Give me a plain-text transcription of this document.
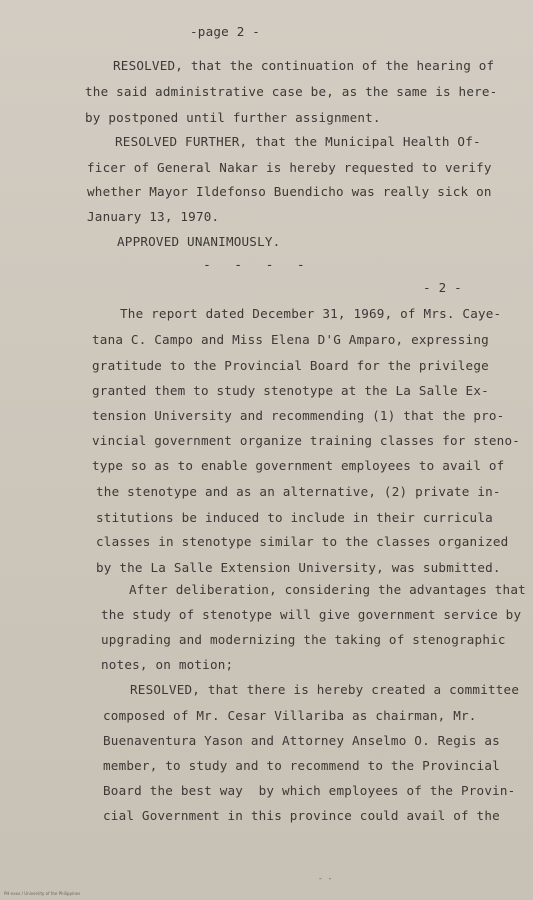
-page 2 -
RESOLVED, that the continuation of the hearing of
the said administrative case be, as the same is here-
by postponed until further assignment.
RESOLVED FURTHER, that the Municipal Health Of-
ficer of General Nakar is hereby requested to verify
whether Mayor Ildefonso Buendicho was really sick on
January 13, 1970.
APPROVED UNANIMOUSLY.
-   -   -   -
- 2 -
The report dated December 31, 1969, of Mrs. Caye-
tana C. Campo and Miss Elena D'G Amparo, expressing
gratitude to the Provincial Board for the privilege
granted them to study stenotype at the La Salle Ex-
tension University and recommending (1) that the pro-
vincial government organize training classes for steno-
type so as to enable government employees to avail of
the stenotype and as an alternative, (2) private in-
stitutions be induced to include in their curricula
classes in stenotype similar to the classes organized
by the La Salle Extension University, was submitted.
After deliberation, considering the advantages that
the study of stenotype will give government service by
upgrading and modernizing the taking of stenographic
notes, on motion;
RESOLVED, that there is hereby created a committee
composed of Mr. Cesar Villariba as chairman, Mr.
Buenaventura Yason and Attorney Anselmo O. Regis as
member, to study and to recommend to the Provincial
Board the best way  by which employees of the Provin-
cial Government in this province could avail of the
- -
PH-xxxx / University of the Philippines
